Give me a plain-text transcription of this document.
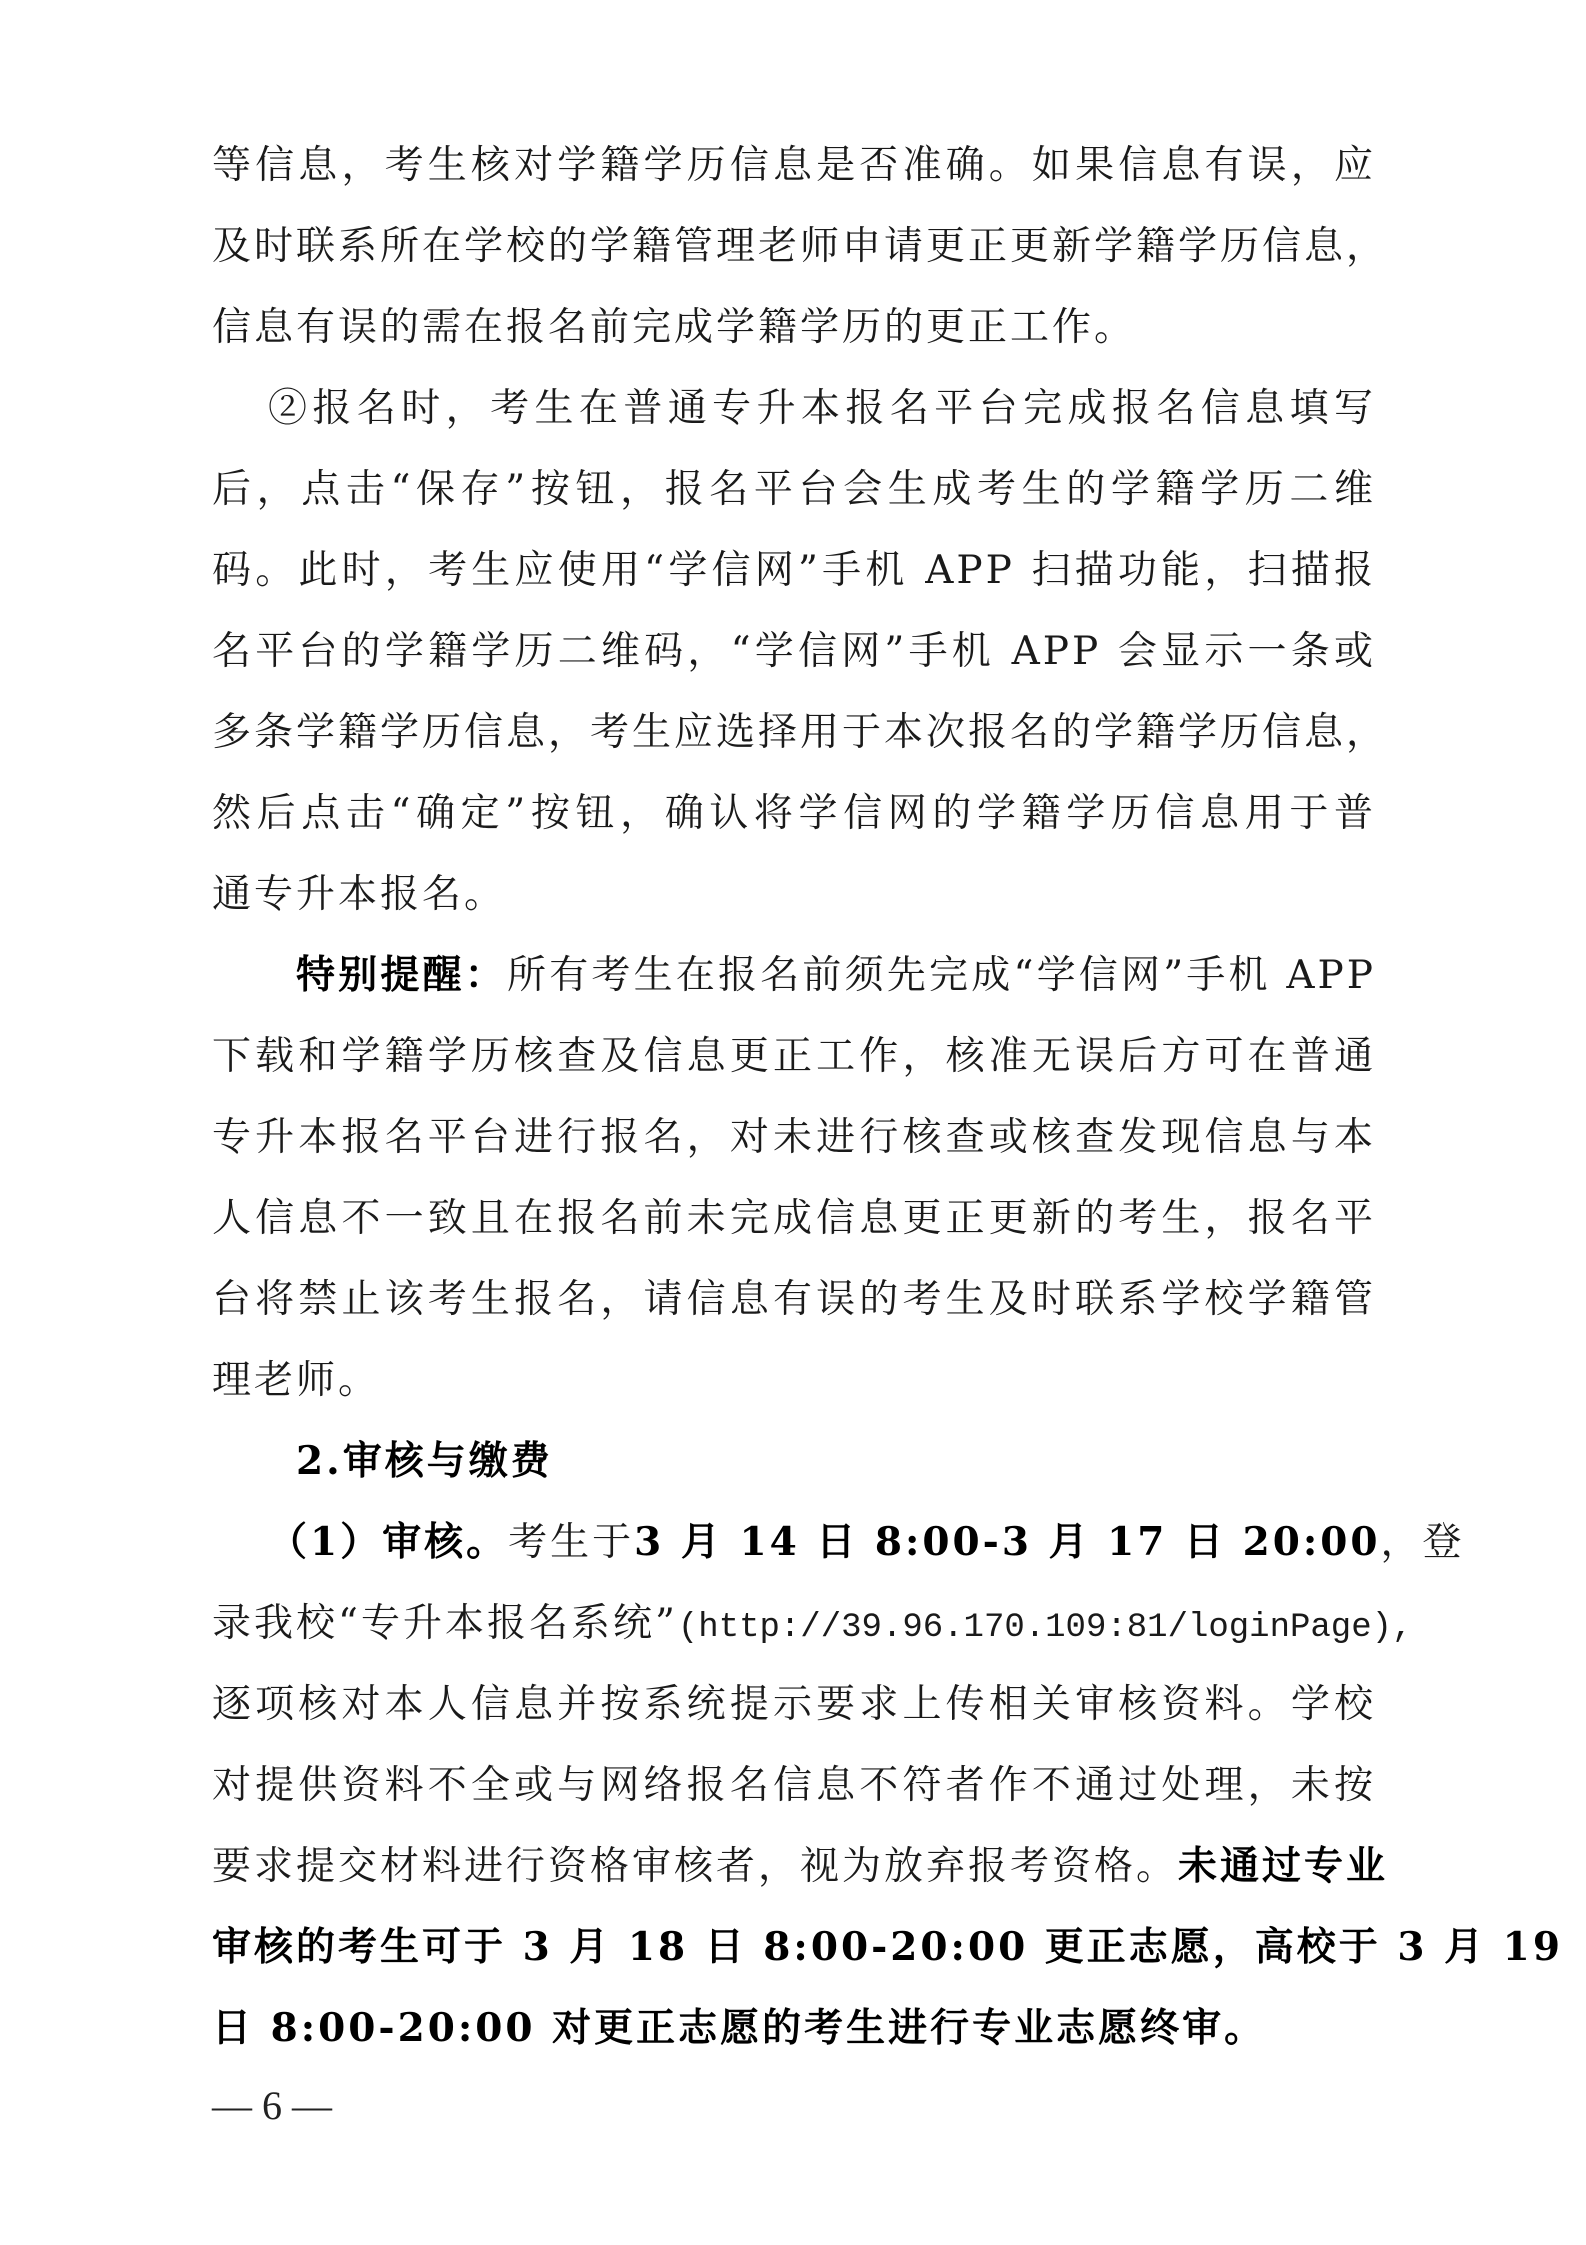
等信息，考生核对学籍学历信息是否准确。如果信息有误，应
及时联系所在学校的学籍管理老师申请更正更新学籍学历信息，
信息有误的需在报名前完成学籍学历的更正工作。
②报名时，考生在普通专升本报名平台完成报名信息填写
后，点击“保存”按钮，报名平台会生成考生的学籍学历二维
码。此时，考生应使用“学信网”手机 APP 扫描功能，扫描报
名平台的学籍学历二维码，“学信网”手机 APP 会显示一条或
多条学籍学历信息，考生应选择用于本次报名的学籍学历信息，
然后点击“确定”按钮，确认将学信网的学籍学历信息用于普
通专升本报名。
特别提醒：所有考生在报名前须先完成“学信网”手机 APP
下载和学籍学历核查及信息更正工作，核准无误后方可在普通
专升本报名平台进行报名，对未进行核查或核查发现信息与本
人信息不一致且在报名前未完成信息更正更新的考生，报名平
台将禁止该考生报名，请信息有误的考生及时联系学校学籍管
理老师。
2.审核与缴费
（1）审核。考生于3 月 14 日 8:00-3 月 17 日 20:00，登
录我校“专升本报名系统”(http://39.96.170.109:81/loginPage),
逐项核对本人信息并按系统提示要求上传相关审核资料。学校
对提供资料不全或与网络报名信息不符者作不通过处理，未按
要求提交材料进行资格审核者，视为放弃报考资格。未通过专业
审核的考生可于 3 月 18 日 8:00-20:00 更正志愿，高校于 3 月 19
日 8:00-20:00 对更正志愿的考生进行专业志愿终审。
— 6 —
